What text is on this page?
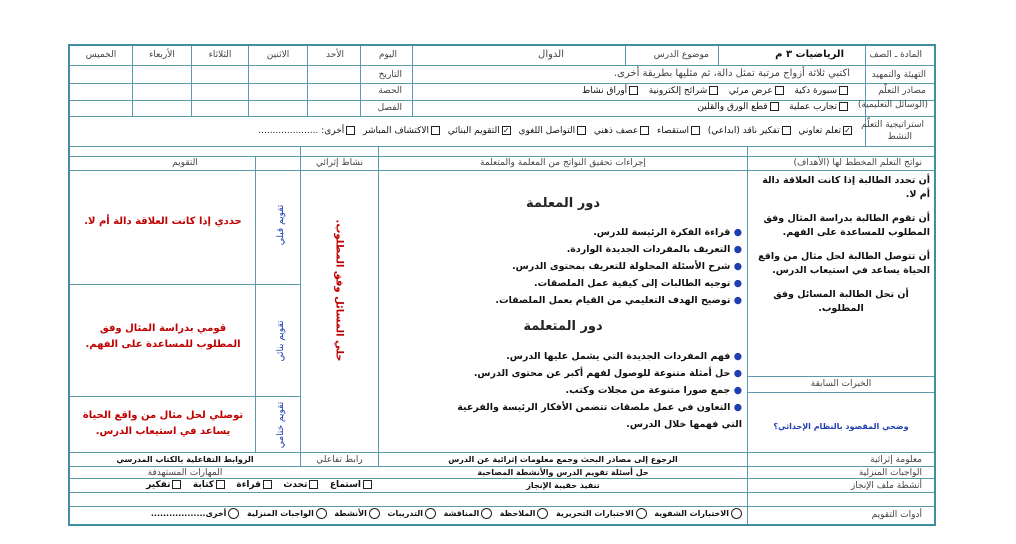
المادة ـ الصف
الرياضيات ٣ م
موضوع الدرس
الدوال
اليوم
الأحد
الاثنين
الثلاثاء
الأربعاء
الخميس
التهيئة والتمهيد
اكتبي ثلاثة أزواج مرتبة تمثل دالة، ثم مثليها بطريقة أخرى.
التاريخ
مصادر التعلّم
(الوسائل التعليمية)
سبورة ذكية   عرض مرئي   شرائح إلكترونية   أوراق نشاط
الحصة
تجارب عملية   قطع الورق والقلين
الفصل
استراتيجية التعلّم
النشط
✓تعلم تعاوني  تفكير ناقد (ابداعي)  استقصاء  عصف ذهني  التواصل اللغوي  ✓التقويم البنائي  الاكتشاف المباشر  أخرى: .....................
نواتج التعلم المخطط لها (الأهداف)
إجراءات تحقيق النواتج من المعلمة والمتعلمة
نشاط إثرائي
التقويم
أن تحدد الطالبة إذا كانت العلاقة دالة أم لا.
أن تقوم الطالبة بدراسة المثال وفق المطلوب للمساعدة على الفهم.
أن تتوصل الطالبة لحل مثال من واقع الحياة يساعد في استيعاب الدرس.
أن تحل الطالبة المسائل وفق المطلوب.
الخبرات السابقة
وضحي المقصود بالنظام الإحداثي؟
دور المعلمة
● قراءة الفكرة الرئيسة للدرس.
● التعريف بالمفردات الجديدة الواردة.
● شرح الأسئلة المحلولة للتعريف بمحتوى الدرس.
● توجيه الطالبات إلى كيفية عمل الملصقات.
● توضيح الهدف التعليمي من القيام بعمل الملصقات.
دور المتعلمة
● فهم المفردات الجديدة التي يشمل عليها الدرس.
● حل أمثلة متنوعة للوصول لفهم أكبر عن محتوى الدرس.
● جمع صورا متنوعة من مجلات وكتب.
● التعاون في عمل ملصقات تتضمن الأفكار الرئيسة والفرعية التي فهمها خلال الدرس.
حلي المسائل وفق المطلوب.
تقويم قبلي
تقويم بنائي
تقويم ختامي
حددي إذا كانت العلاقة دالة أم لا.
قومي بدراسة المثال وفق المطلوب للمساعدة على الفهم.
توصلي لحل مثال من واقع الحياة يساعد في استيعاب الدرس.
معلومة إثرائية
الرجوع إلى مصادر البحث وجمع معلومات إثرائية عن الدرس
رابط تفاعلي
الروابط التفاعلية بالكتاب المدرسي
الواجبات المنزلية
حل أسئلة تقويم الدرس والأنشطة المصاحبة
المهارات المستهدفة
أنشطة ملف الإنجاز
تنفيذ حقيبة الإنجاز
استماع   تحدث   قراءة   كتابة   تفكير
أدوات التقويم
الاختبارات الشفوية  الاختبارات التحريرية  الملاحظة  المناقشة  التدريبات  الأنشطة  الواجبات المنزلية  أخرى..................
